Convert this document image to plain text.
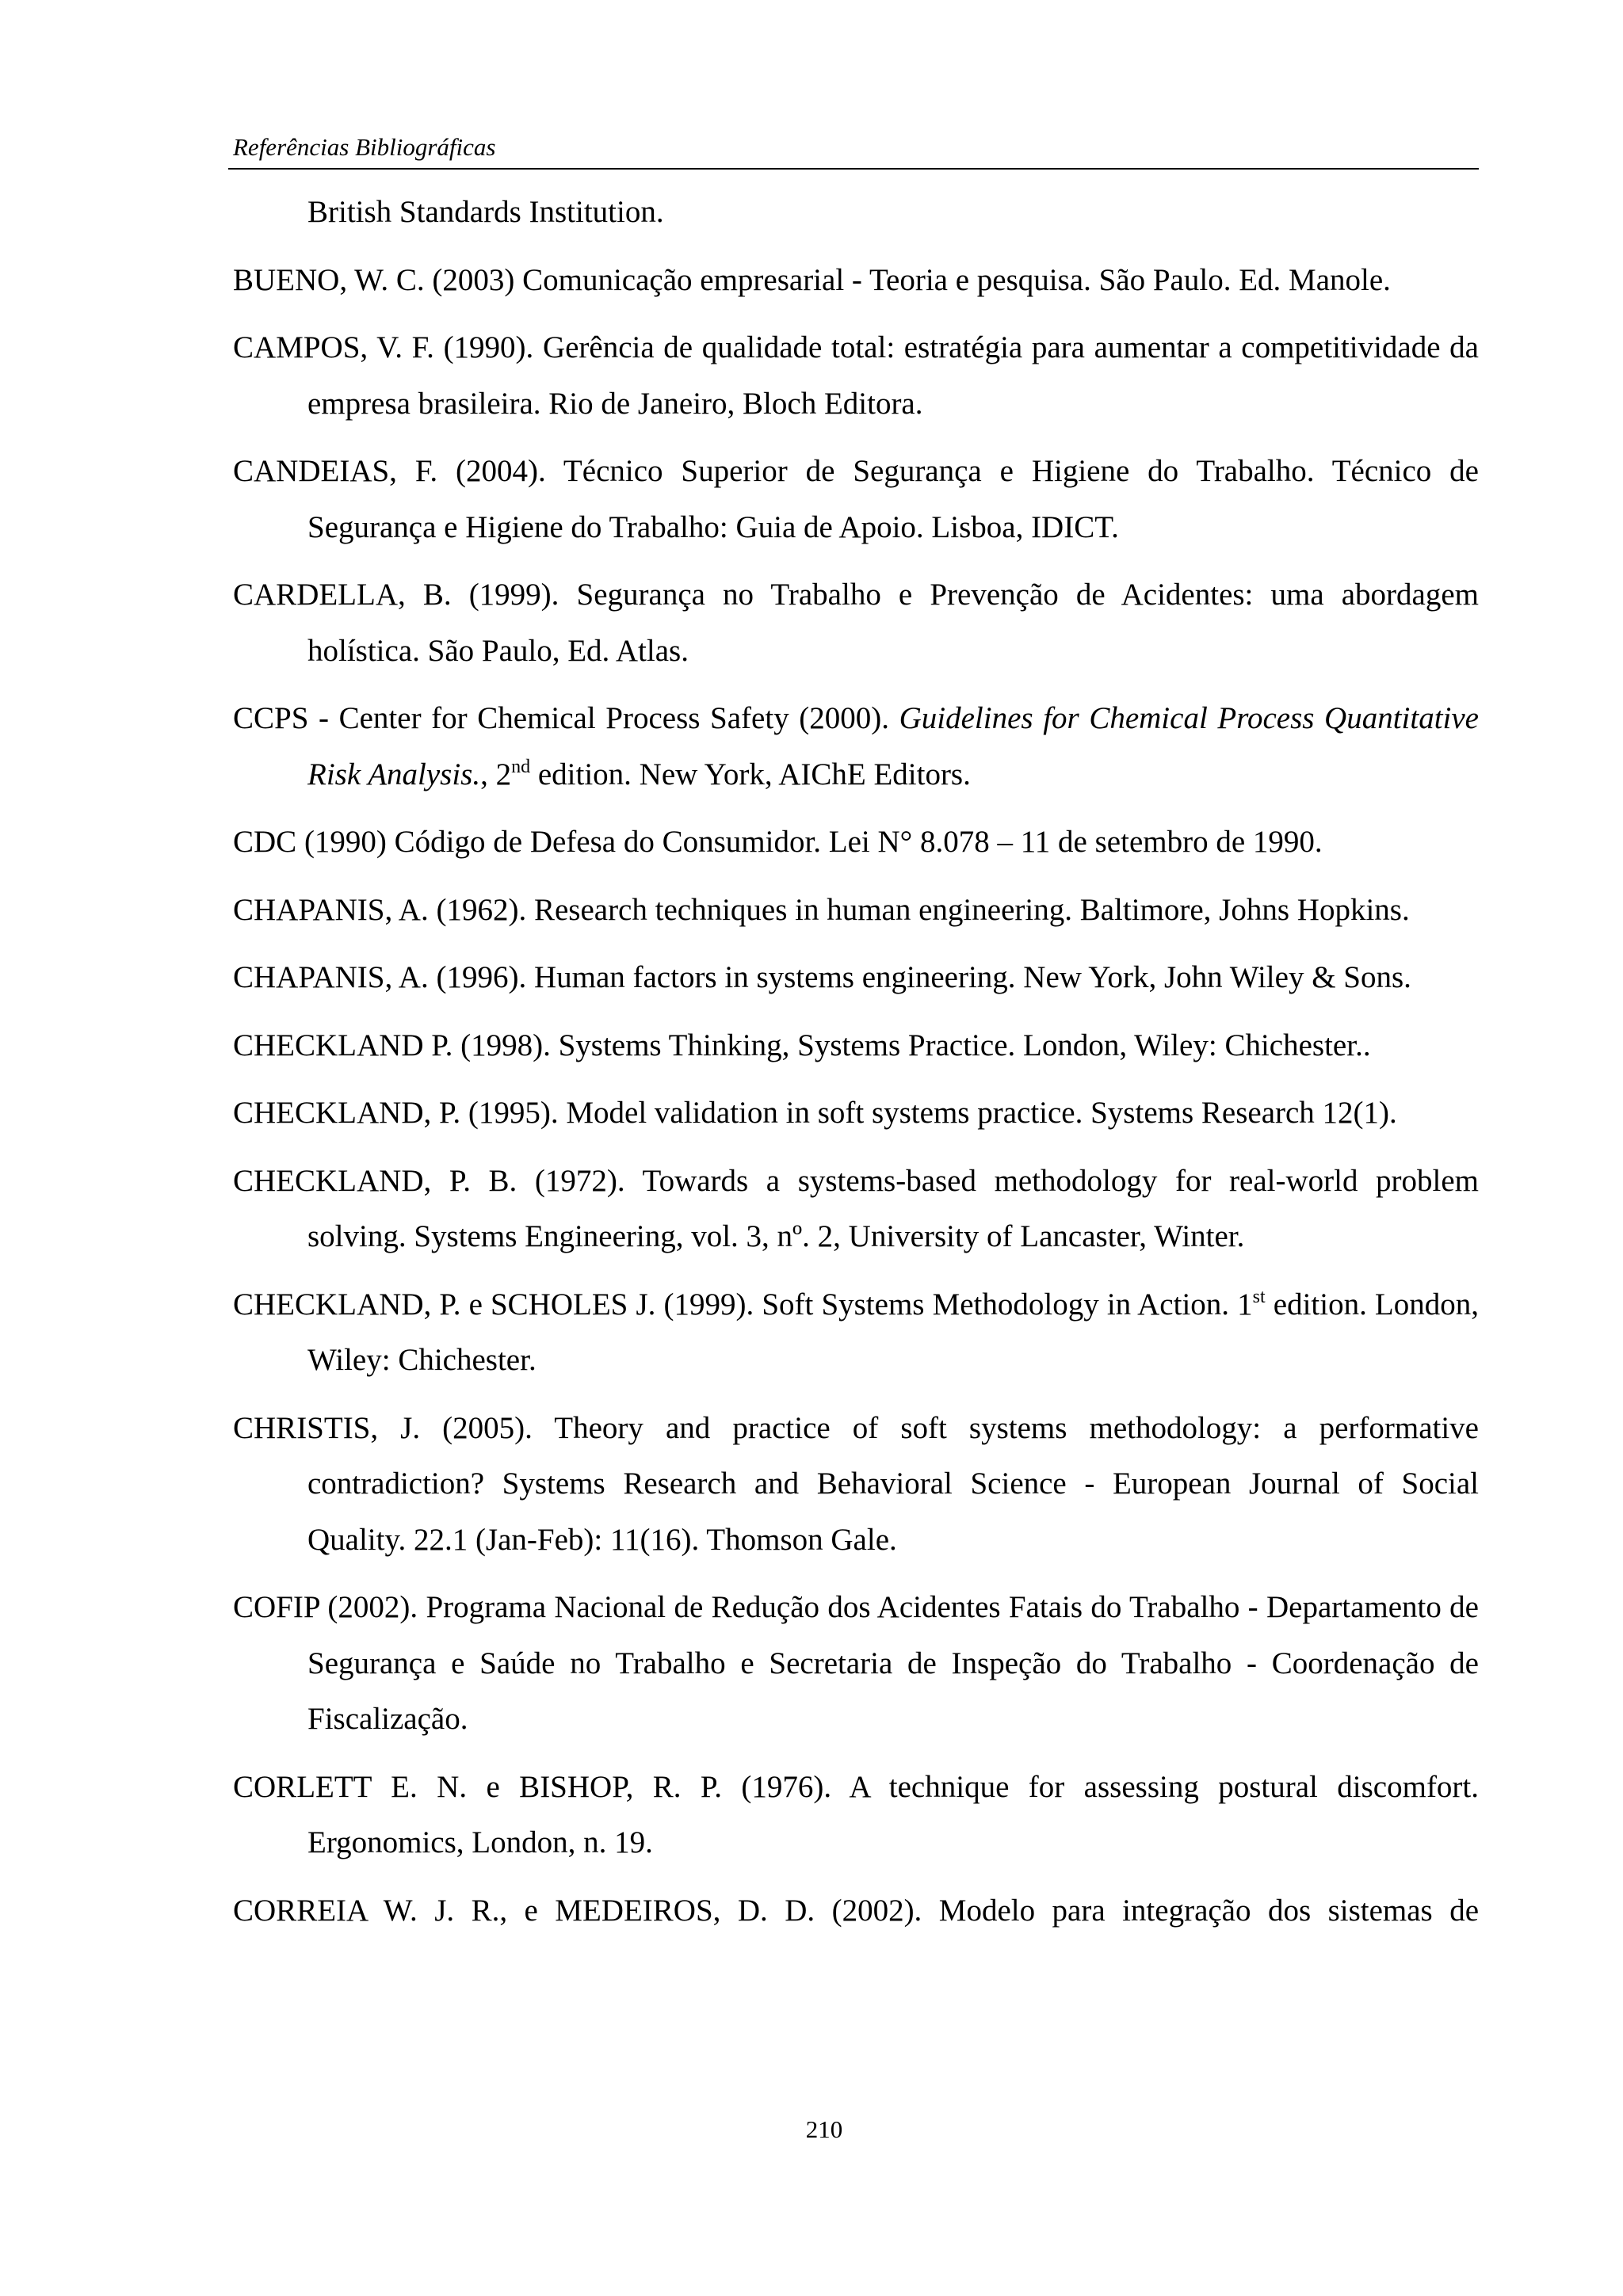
Referências Bibliográficas

British Standards Institution.

BUENO, W. C. (2003) Comunicação empresarial - Teoria e pesquisa. São Paulo. Ed. Manole.

CAMPOS, V. F. (1990). Gerência de qualidade total: estratégia para aumentar a competitividade da empresa brasileira. Rio de Janeiro, Bloch Editora.

CANDEIAS, F. (2004). Técnico Superior de Segurança e Higiene do Trabalho. Técnico de Segurança e Higiene do Trabalho: Guia de Apoio. Lisboa, IDICT.

CARDELLA, B. (1999). Segurança no Trabalho e Prevenção de Acidentes: uma abordagem holística. São Paulo, Ed. Atlas.

CCPS - Center for Chemical Process Safety (2000). Guidelines for Chemical Process Quantitative Risk Analysis., 2nd edition. New York, AIChE Editors.

CDC (1990) Código de Defesa do Consumidor. Lei N° 8.078 – 11 de setembro de 1990.

CHAPANIS, A. (1962). Research techniques in human engineering. Baltimore, Johns Hopkins.

CHAPANIS, A. (1996). Human factors in systems engineering. New York, John Wiley & Sons.

CHECKLAND P. (1998). Systems Thinking, Systems Practice. London, Wiley: Chichester..

CHECKLAND, P. (1995). Model validation in soft systems practice. Systems Research 12(1).

CHECKLAND, P. B. (1972). Towards a systems-based methodology for real-world problem solving. Systems Engineering, vol. 3, nº. 2, University of Lancaster, Winter.

CHECKLAND, P. e SCHOLES J. (1999). Soft Systems Methodology in Action. 1st edition. London, Wiley: Chichester.

CHRISTIS, J. (2005). Theory and practice of soft systems methodology: a performative contradiction? Systems Research and Behavioral Science - European Journal of Social Quality. 22.1 (Jan-Feb): 11(16). Thomson Gale.

COFIP (2002). Programa Nacional de Redução dos Acidentes Fatais do Trabalho - Departamento de Segurança e Saúde no Trabalho e Secretaria de Inspeção do Trabalho - Coordenação de Fiscalização.

CORLETT E. N. e BISHOP, R. P. (1976). A technique for assessing postural discomfort. Ergonomics, London, n. 19.

CORREIA W. J. R., e MEDEIROS, D. D. (2002). Modelo para integração dos sistemas de

210
